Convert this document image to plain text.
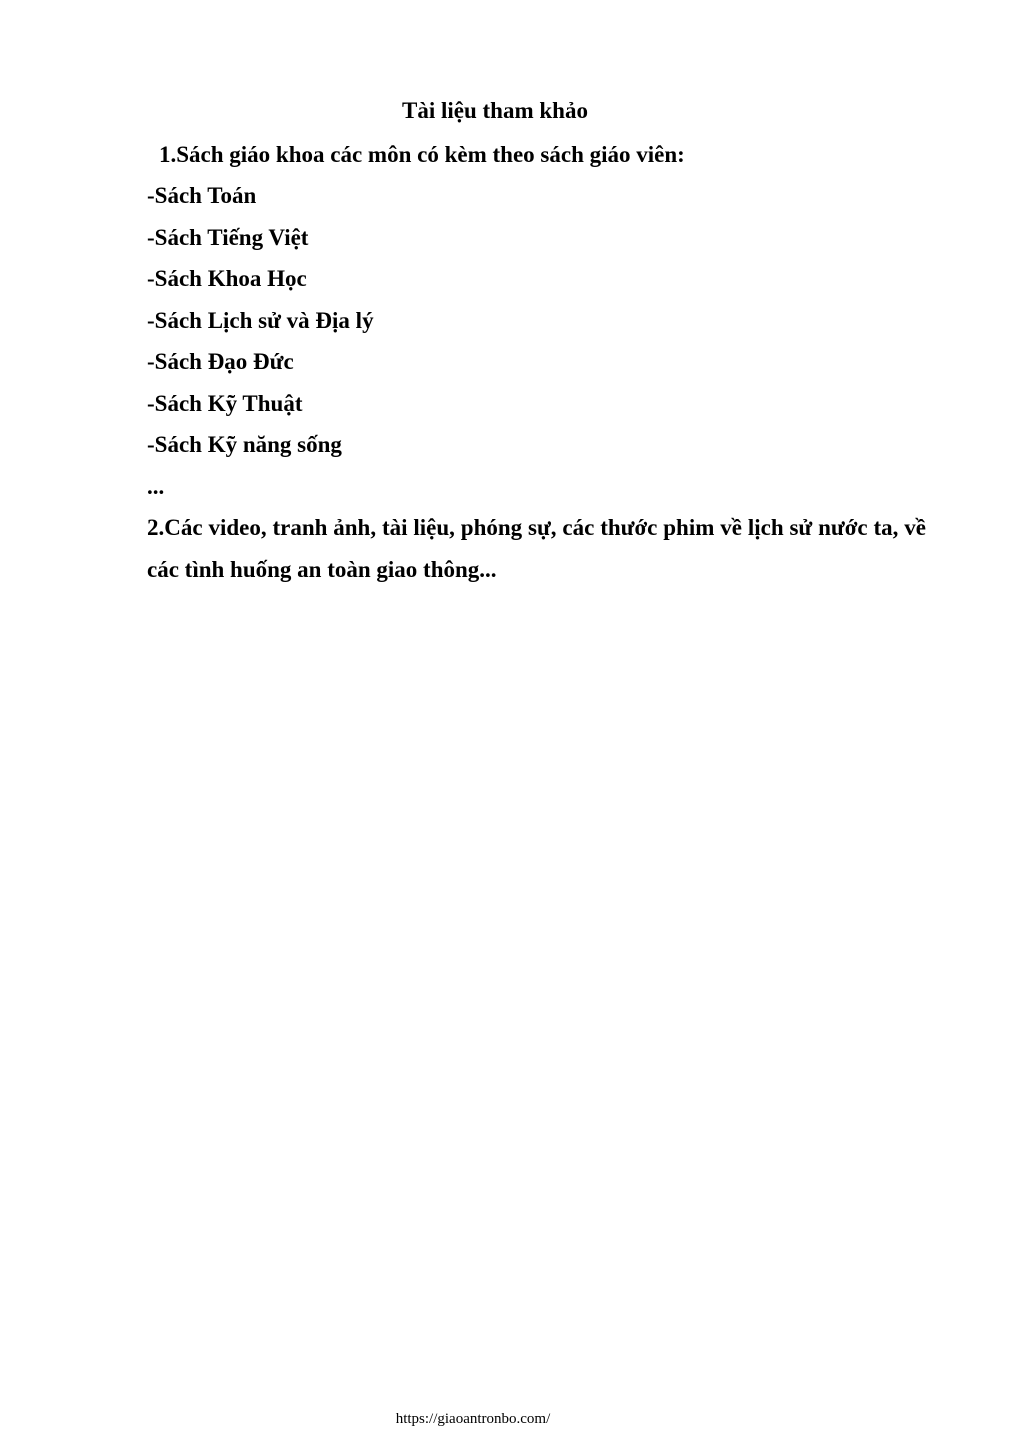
Tài liệu tham khảo
1.Sách giáo khoa các môn có kèm theo sách giáo viên:
-Sách Toán
-Sách Tiếng Việt
-Sách Khoa Học
-Sách Lịch sử và Địa lý
-Sách Đạo Đức
-Sách Kỹ Thuật
-Sách Kỹ năng sống
...
2.Các video, tranh ảnh, tài liệu, phóng sự, các thước phim về lịch sử nước ta, về các tình huống an toàn giao thông...
https://giaoantronbo.com/
